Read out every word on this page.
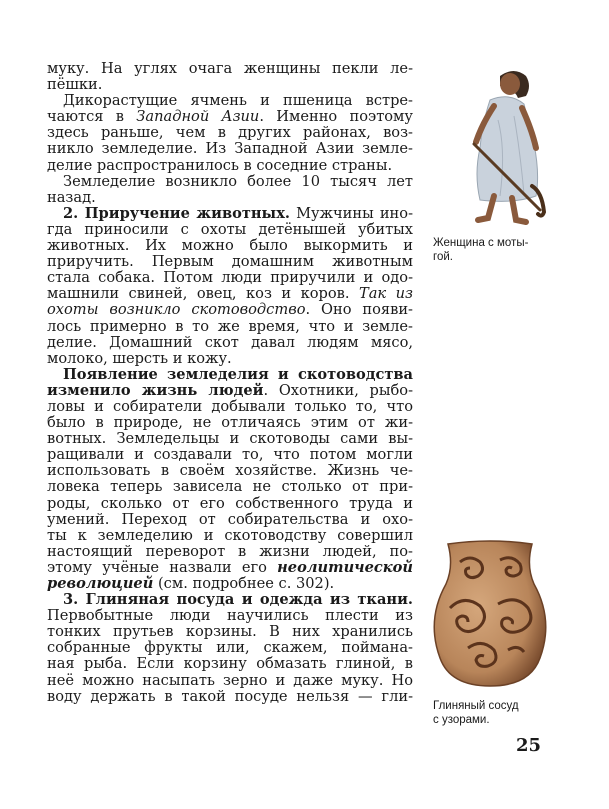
муку. На углях очага женщины пекли ле-
пёшки.

Дикорастущие ячмень и пшеница встре-
чаются в Западной Азии. Именно поэтому
здесь раньше, чем в других районах, воз-
никло земледелие. Из Западной Азии земле-
делие распространилось в соседние страны.

Земледелие возникло более 10 тысяч лет
назад.

2. Приручение животных. Мужчины ино-
гда приносили с охоты детёнышей убитых
животных. Их можно было выкормить и
приручить. Первым домашним животным
стала собака. Потом люди приручили и одо-
машнили свиней, овец, коз и коров. Так из
охоты возникло скотоводство. Оно появи-
лось примерно в то же время, что и земле-
делие. Домашний скот давал людям мясо,
молоко, шерсть и кожу.

Появление земледелия и скотоводства
изменило жизнь людей. Охотники, рыбо-
ловы и собиратели добывали только то, что
было в природе, не отличаясь этим от жи-
вотных. Земледельцы и скотоводы сами вы-
ращивали и создавали то, что потом могли
использовать в своём хозяйстве. Жизнь че-
ловека теперь зависела не столько от при-
роды, сколько от его собственного труда и
умений. Переход от собирательства и охо-
ты к земледелию и скотоводству совершил
настоящий переворот в жизни людей, по-
этому учёные назвали его неолитической
революцией (см. подробнее с. 302).

3. Глиняная посуда и одежда из ткани.
Первобытные люди научились плести из
тонких прутьев корзины. В них хранились
собранные фрукты или, скажем, поймана-
ная рыба. Если корзину обмазать глиной, в
неё можно насыпать зерно и даже муку. Но
воду держать в такой посуде нельзя — гли-

Женщина с моты-
гой.
Глиняный сосуд
с узорами.
25
